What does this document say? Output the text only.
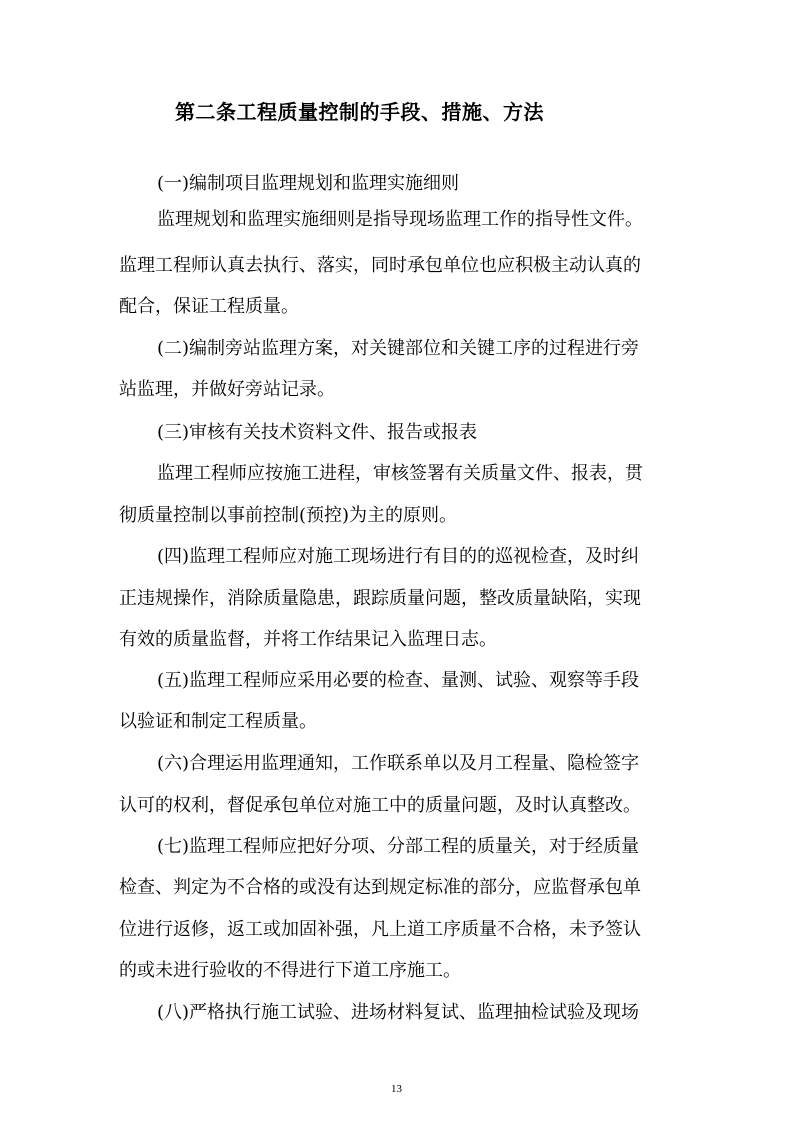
第二条工程质量控制的手段、措施、方法
(一)编制项目监理规划和监理实施细则
监理规划和监理实施细则是指导现场监理工作的指导性文件。
监理工程师认真去执行、落实，同时承包单位也应积极主动认真的
配合，保证工程质量。
(二)编制旁站监理方案，对关键部位和关键工序的过程进行旁
站监理，并做好旁站记录。
(三)审核有关技术资料文件、报告或报表
监理工程师应按施工进程，审核签署有关质量文件、报表，贯
彻质量控制以事前控制(预控)为主的原则。
(四)监理工程师应对施工现场进行有目的的巡视检查，及时纠
正违规操作，消除质量隐患，跟踪质量问题，整改质量缺陷，实现
有效的质量监督，并将工作结果记入监理日志。
(五)监理工程师应采用必要的检查、量测、试验、观察等手段
以验证和制定工程质量。
(六)合理运用监理通知，工作联系单以及月工程量、隐检签字
认可的权利，督促承包单位对施工中的质量问题，及时认真整改。
(七)监理工程师应把好分项、分部工程的质量关，对于经质量
检查、判定为不合格的或没有达到规定标准的部分，应监督承包单
位进行返修，返工或加固补强，凡上道工序质量不合格，未予签认
的或未进行验收的不得进行下道工序施工。
(八)严格执行施工试验、进场材料复试、监理抽检试验及现场
13
